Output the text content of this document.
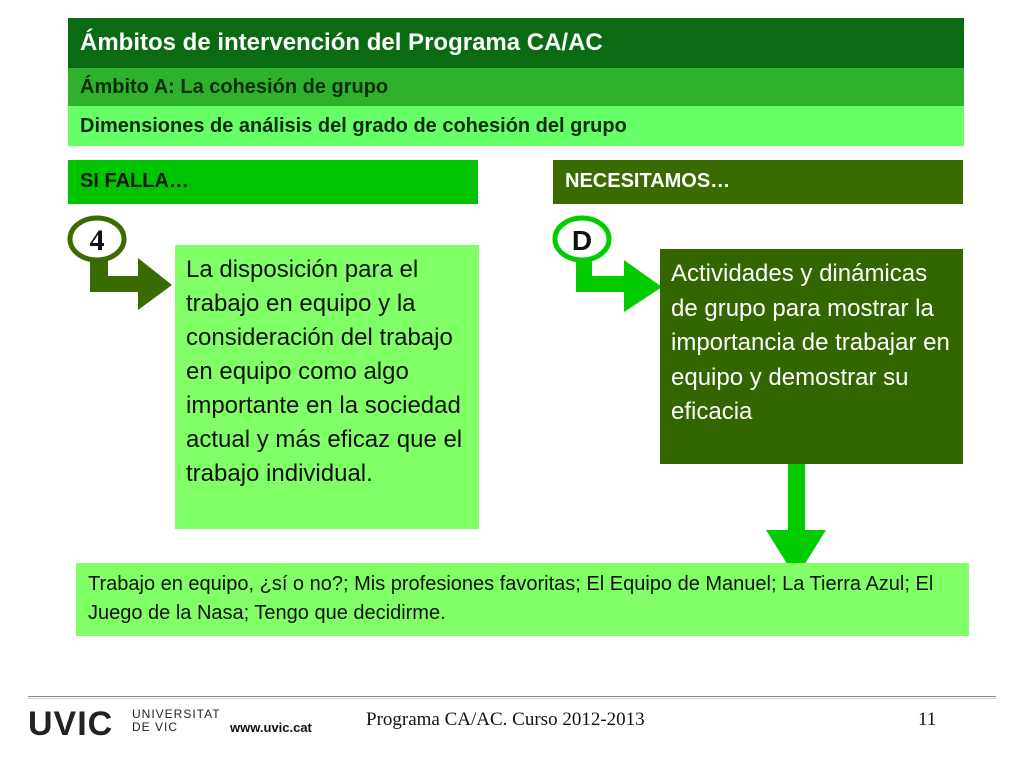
Ámbitos de intervención del Programa CA/AC
Ámbito A: La cohesión de grupo
Dimensiones de análisis del grado de cohesión del grupo
SI FALLA…	NECESITAMOS…
4	D
La disposición para el trabajo en equipo y la consideración del trabajo en equipo como algo importante en la sociedad actual y más eficaz que el trabajo individual.
Actividades y dinámicas de grupo para mostrar la importancia de trabajar en equipo y demostrar su eficacia
Trabajo en equipo, ¿sí o no?; Mis profesiones favoritas; El Equipo de Manuel; La Tierra Azul; El Juego de la Nasa; Tengo que decidirme.
UVIC UNIVERSITAT
DE VIC	www.uvic.cat	Programa CA/AC. Curso 2012-2013	11
